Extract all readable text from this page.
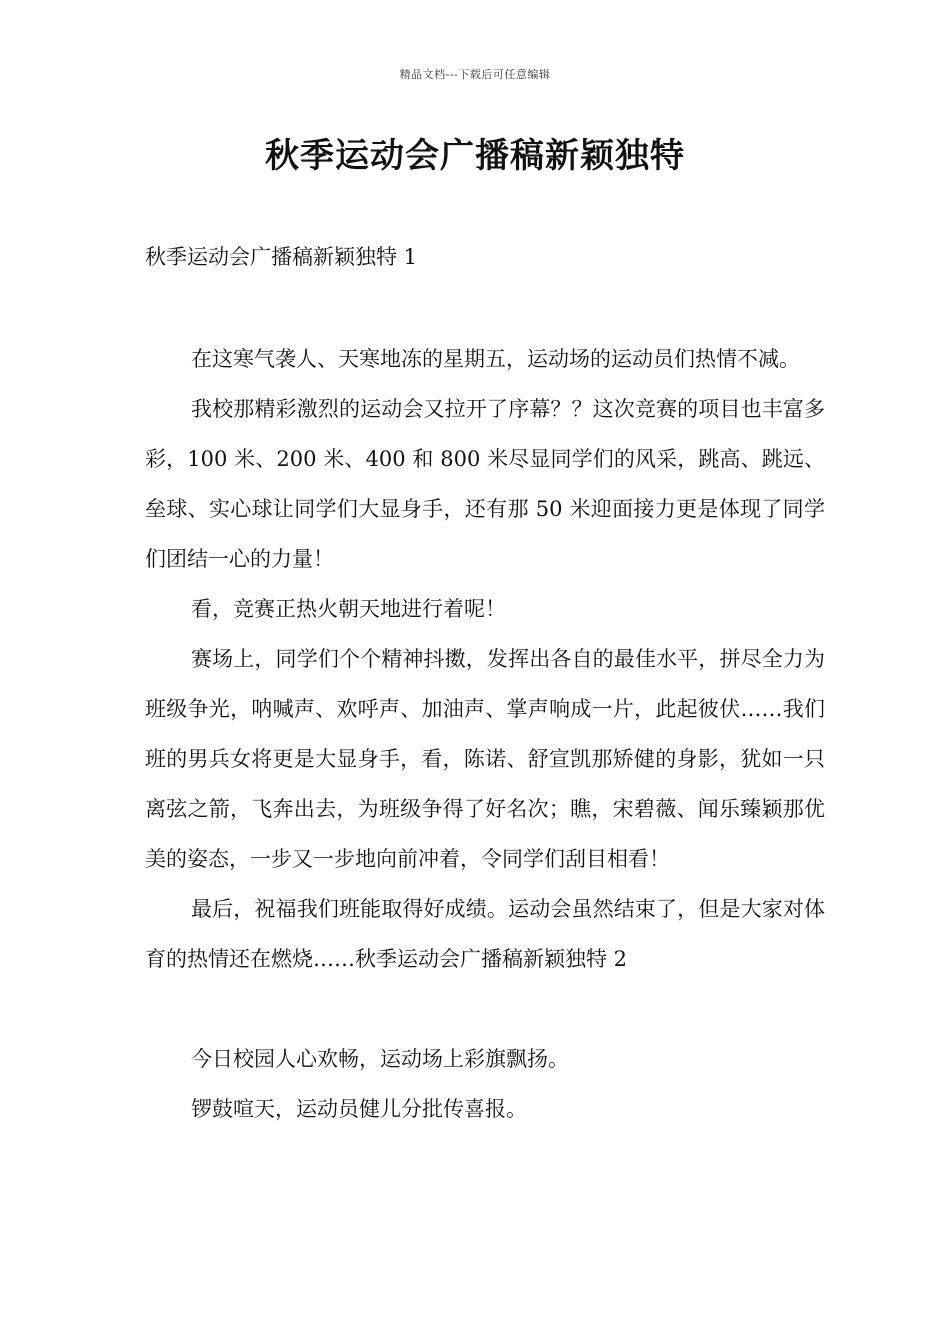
精品文档---下载后可任意编辑
秋季运动会广播稿新颖独特

秋季运动会广播稿新颖独特 1

在这寒气袭人、天寒地冻的星期五，运动场的运动员们热情不减。

我校那精彩激烈的运动会又拉开了序幕？？这次竞赛的项目也丰富多彩，100 米、200 米、400 和 800 米尽显同学们的风采，跳高、跳远、垒球、实心球让同学们大显身手，还有那 50 米迎面接力更是体现了同学们团结一心的力量！

看，竞赛正热火朝天地进行着呢！

赛场上，同学们个个精神抖擞，发挥出各自的最佳水平，拼尽全力为班级争光，呐喊声、欢呼声、加油声、掌声响成一片，此起彼伏……我们班的男兵女将更是大显身手，看，陈诺、舒宣凯那矫健的身影，犹如一只离弦之箭，飞奔出去，为班级争得了好名次；瞧，宋碧薇、闻乐臻颖那优美的姿态，一步又一步地向前冲着，令同学们刮目相看！

最后，祝福我们班能取得好成绩。运动会虽然结束了，但是大家对体育的热情还在燃烧……秋季运动会广播稿新颖独特 2

今日校园人心欢畅，运动场上彩旗飘扬。

锣鼓喧天，运动员健儿分批传喜报。
